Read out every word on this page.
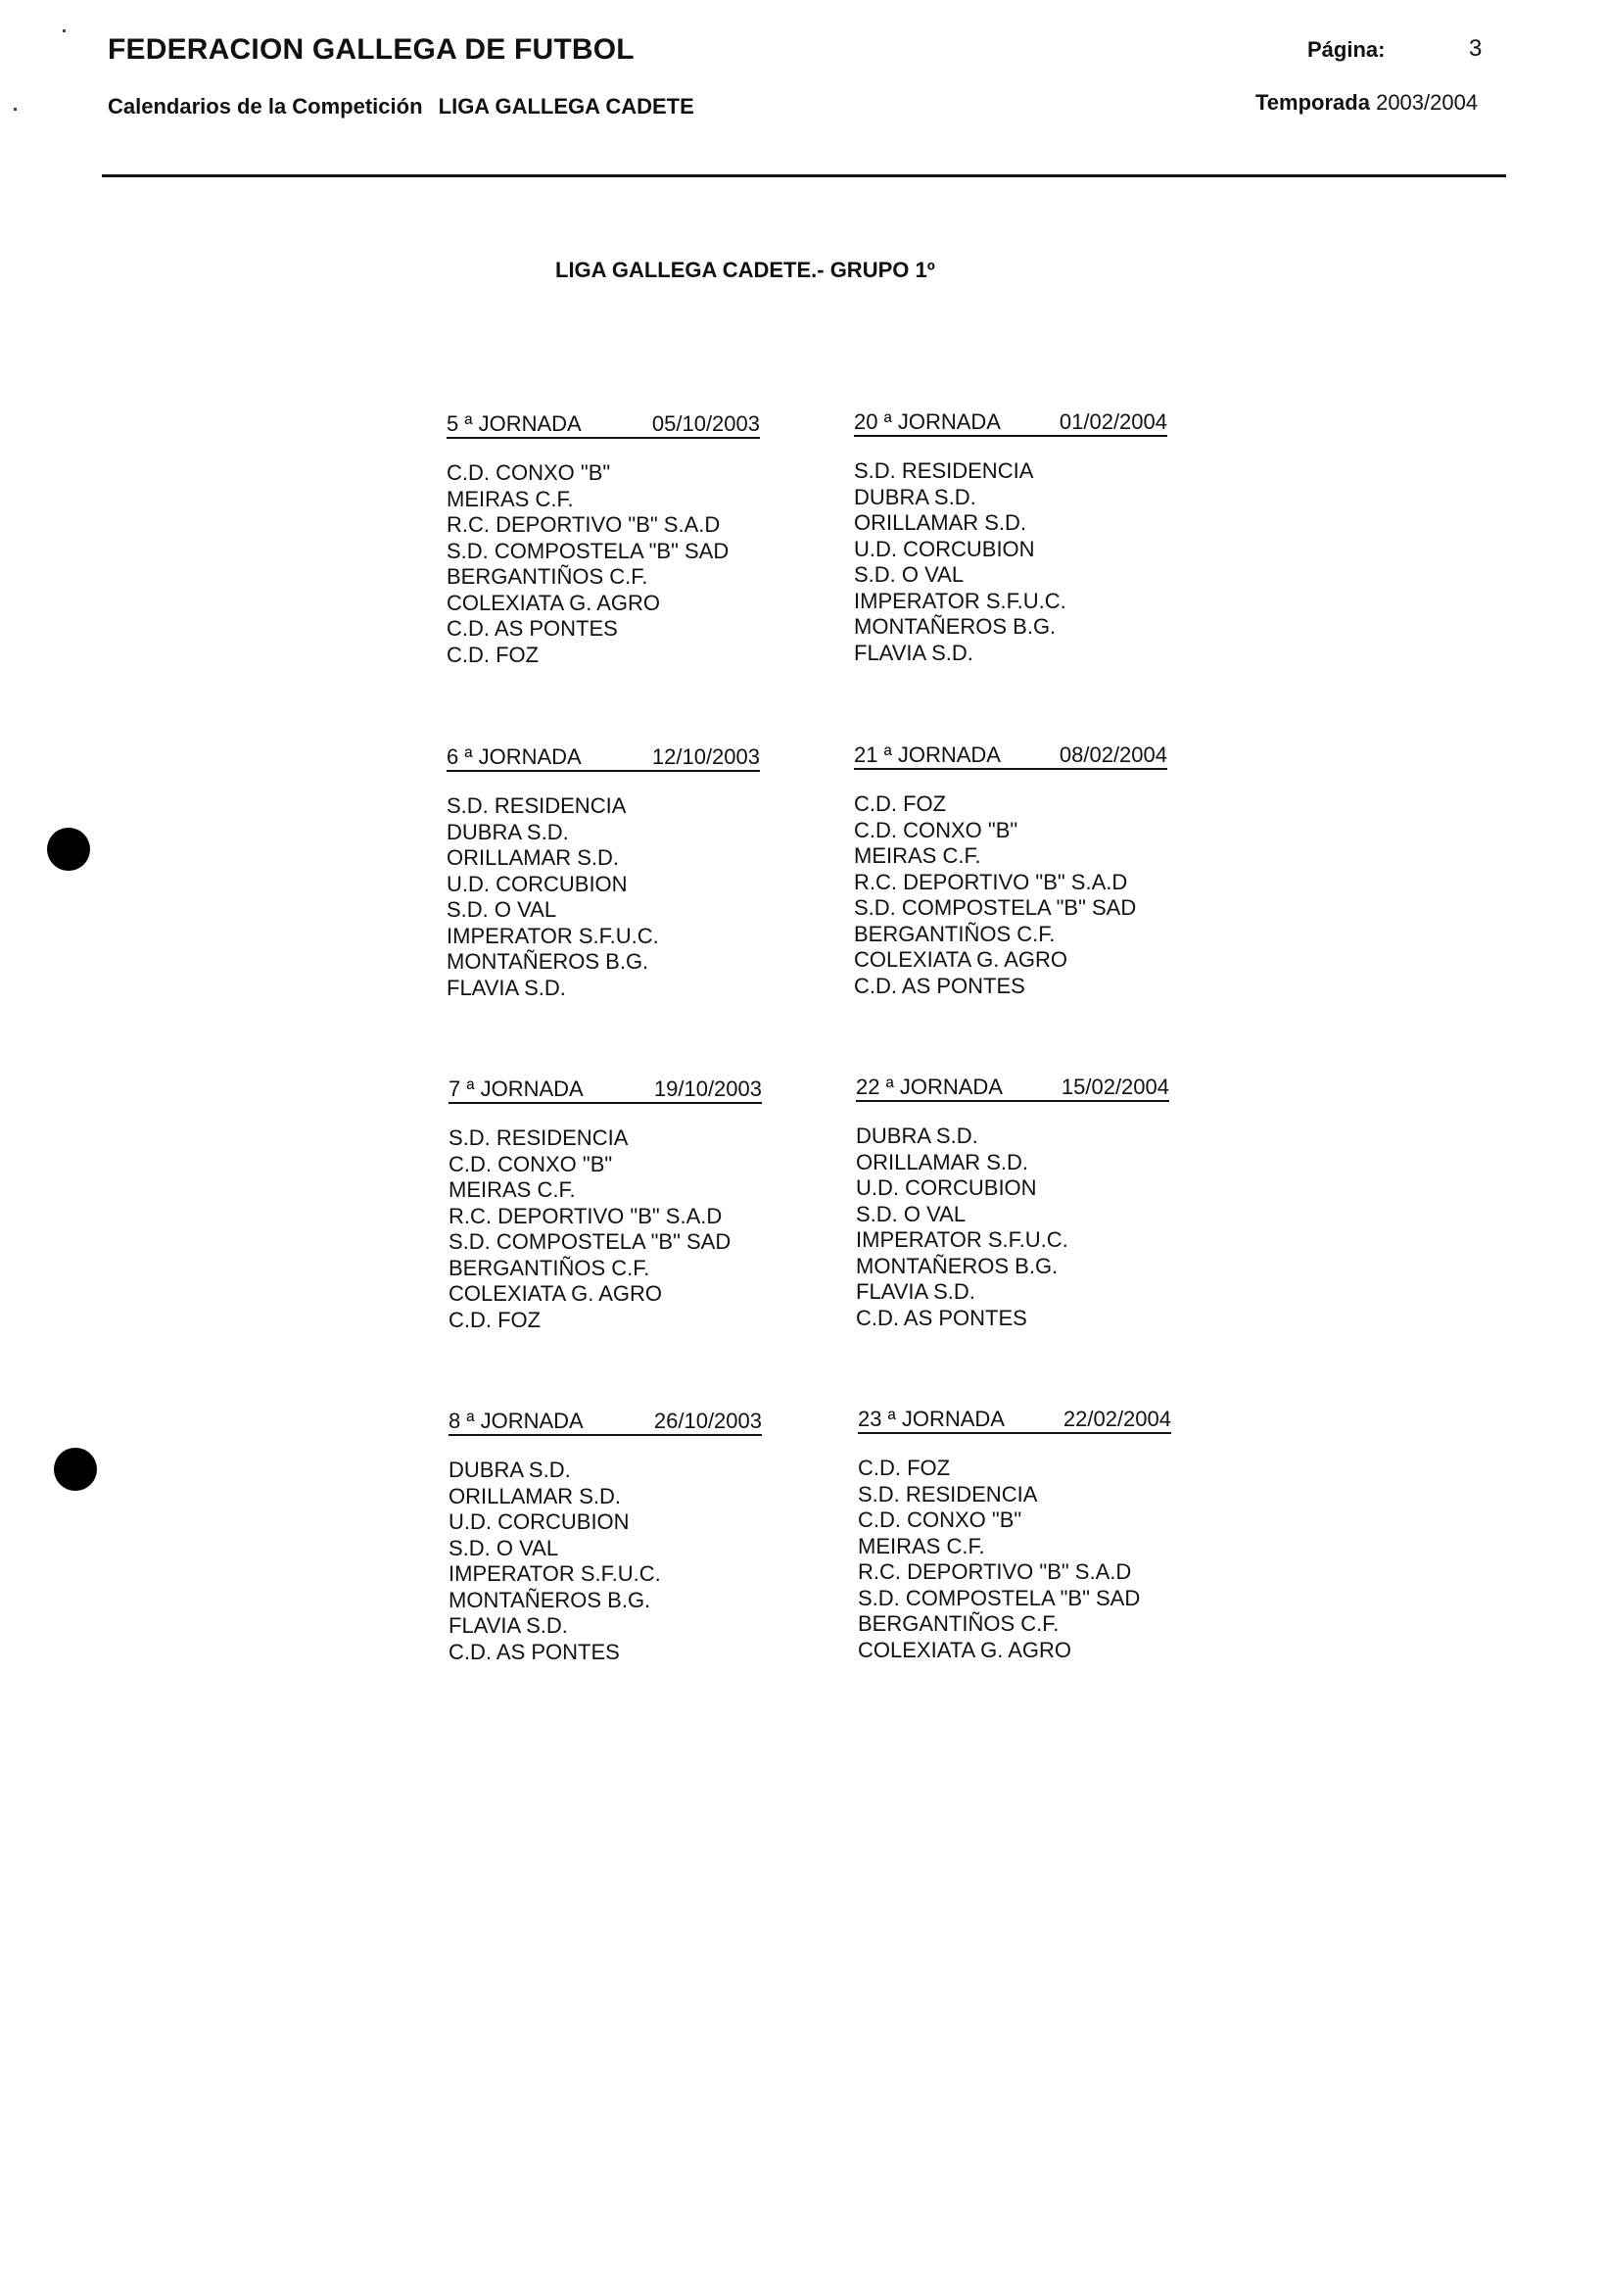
FEDERACION GALLEGA DE FUTBOL
Calendarios de la Competición LIGA GALLEGA CADETE
Página:	3
Temporada 2003/2004
LIGA GALLEGA CADETE.- GRUPO 1º
5 ª JORNADA	05/10/2003
C.D. CONXO "B"
MEIRAS C.F.
R.C. DEPORTIVO "B" S.A.D
S.D. COMPOSTELA "B" SAD
BERGANTIÑOS C.F.
COLEXIATA G. AGRO
C.D. AS PONTES
C.D. FOZ
20 ª JORNADA	01/02/2004
S.D. RESIDENCIA
DUBRA S.D.
ORILLAMAR S.D.
U.D. CORCUBION
S.D. O VAL
IMPERATOR S.F.U.C.
MONTAÑEROS B.G.
FLAVIA S.D.
6 ª JORNADA	12/10/2003
S.D. RESIDENCIA
DUBRA S.D.
ORILLAMAR S.D.
U.D. CORCUBION
S.D. O VAL
IMPERATOR S.F.U.C.
MONTAÑEROS B.G.
FLAVIA S.D.
21 ª JORNADA	08/02/2004
C.D. FOZ
C.D. CONXO "B"
MEIRAS C.F.
R.C. DEPORTIVO "B" S.A.D
S.D. COMPOSTELA "B" SAD
BERGANTIÑOS C.F.
COLEXIATA G. AGRO
C.D. AS PONTES
7 ª JORNADA	19/10/2003
S.D. RESIDENCIA
C.D. CONXO "B"
MEIRAS C.F.
R.C. DEPORTIVO "B" S.A.D
S.D. COMPOSTELA "B" SAD
BERGANTIÑOS C.F.
COLEXIATA G. AGRO
C.D. FOZ
22 ª JORNADA	15/02/2004
DUBRA S.D.
ORILLAMAR S.D.
U.D. CORCUBION
S.D. O VAL
IMPERATOR S.F.U.C.
MONTAÑEROS B.G.
FLAVIA S.D.
C.D. AS PONTES
8 ª JORNADA	26/10/2003
DUBRA S.D.
ORILLAMAR S.D.
U.D. CORCUBION
S.D. O VAL
IMPERATOR S.F.U.C.
MONTAÑEROS B.G.
FLAVIA S.D.
C.D. AS PONTES
23 ª JORNADA	22/02/2004
C.D. FOZ
S.D. RESIDENCIA
C.D. CONXO "B"
MEIRAS C.F.
R.C. DEPORTIVO "B" S.A.D
S.D. COMPOSTELA "B" SAD
BERGANTIÑOS C.F.
COLEXIATA G. AGRO
